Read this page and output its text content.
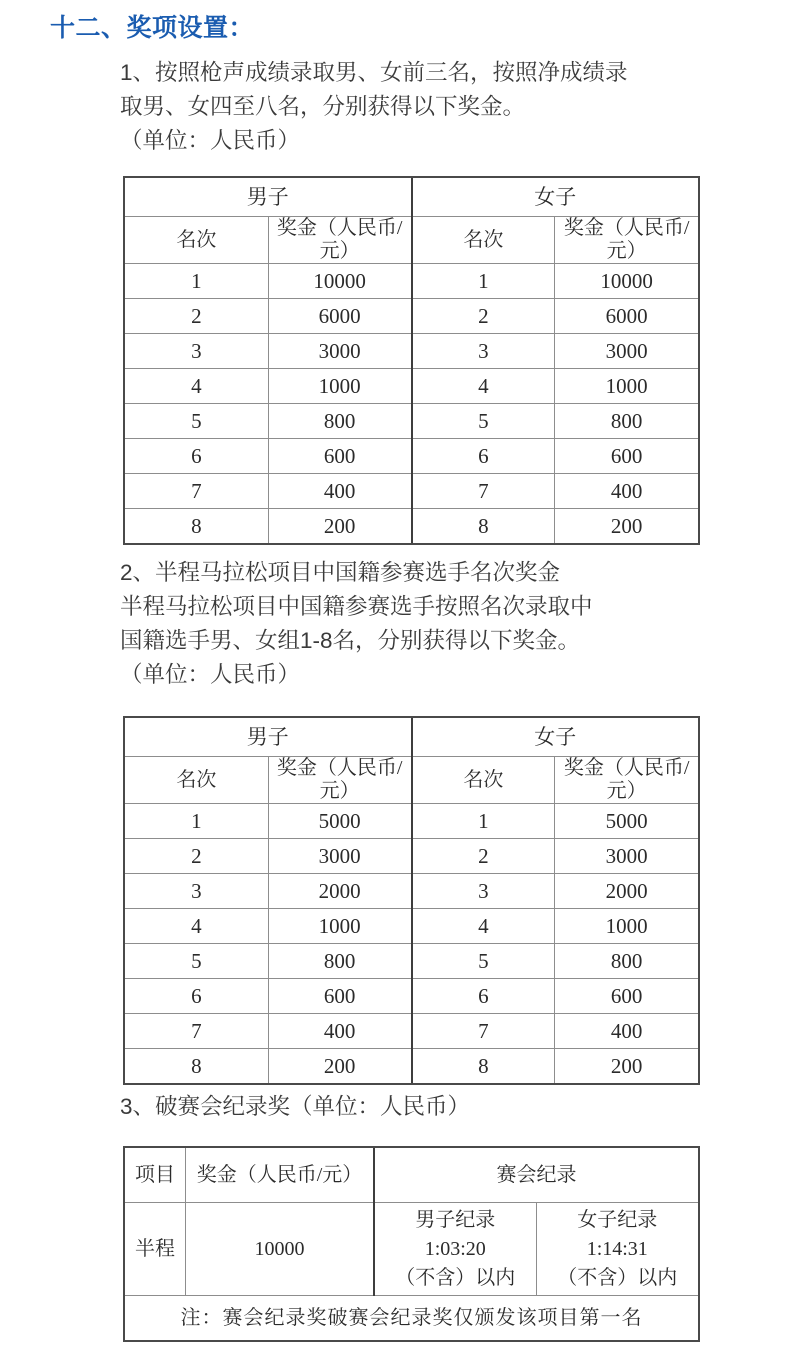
十二、奖项设置：
1、按照枪声成绩录取男、女前三名，按照净成绩录
取男、女四至八名，分别获得以下奖金。
（单位：人民币）
男子		女子	
名次	奖金（人民币/元）	名次	奖金（人民币/元）
1	10000	1	10000
2	6000	2	6000
3	3000	3	3000
4	1000	4	1000
5	800	5	800
6	600	6	600
7	400	7	400
8	200	8	200
2、半程马拉松项目中国籍参赛选手名次奖金
半程马拉松项目中国籍参赛选手按照名次录取中
国籍选手男、女组1-8名，分别获得以下奖金。
（单位：人民币）
男子		女子	
名次	奖金（人民币/元）	名次	奖金（人民币/元）
1	5000	1	5000
2	3000	2	3000
3	2000	3	2000
4	1000	4	1000
5	800	5	800
6	600	6	600
7	400	7	400
8	200	8	200
3、破赛会纪录奖（单位：人民币）
项目	奖金（人民币/元）	赛会纪录	
半程	10000	男子纪录
1:03:20
（不含）以内	女子纪录
1:14:31
（不含）以内

注：赛会纪录奖破赛会纪录奖仅颁发该项目第一名			
